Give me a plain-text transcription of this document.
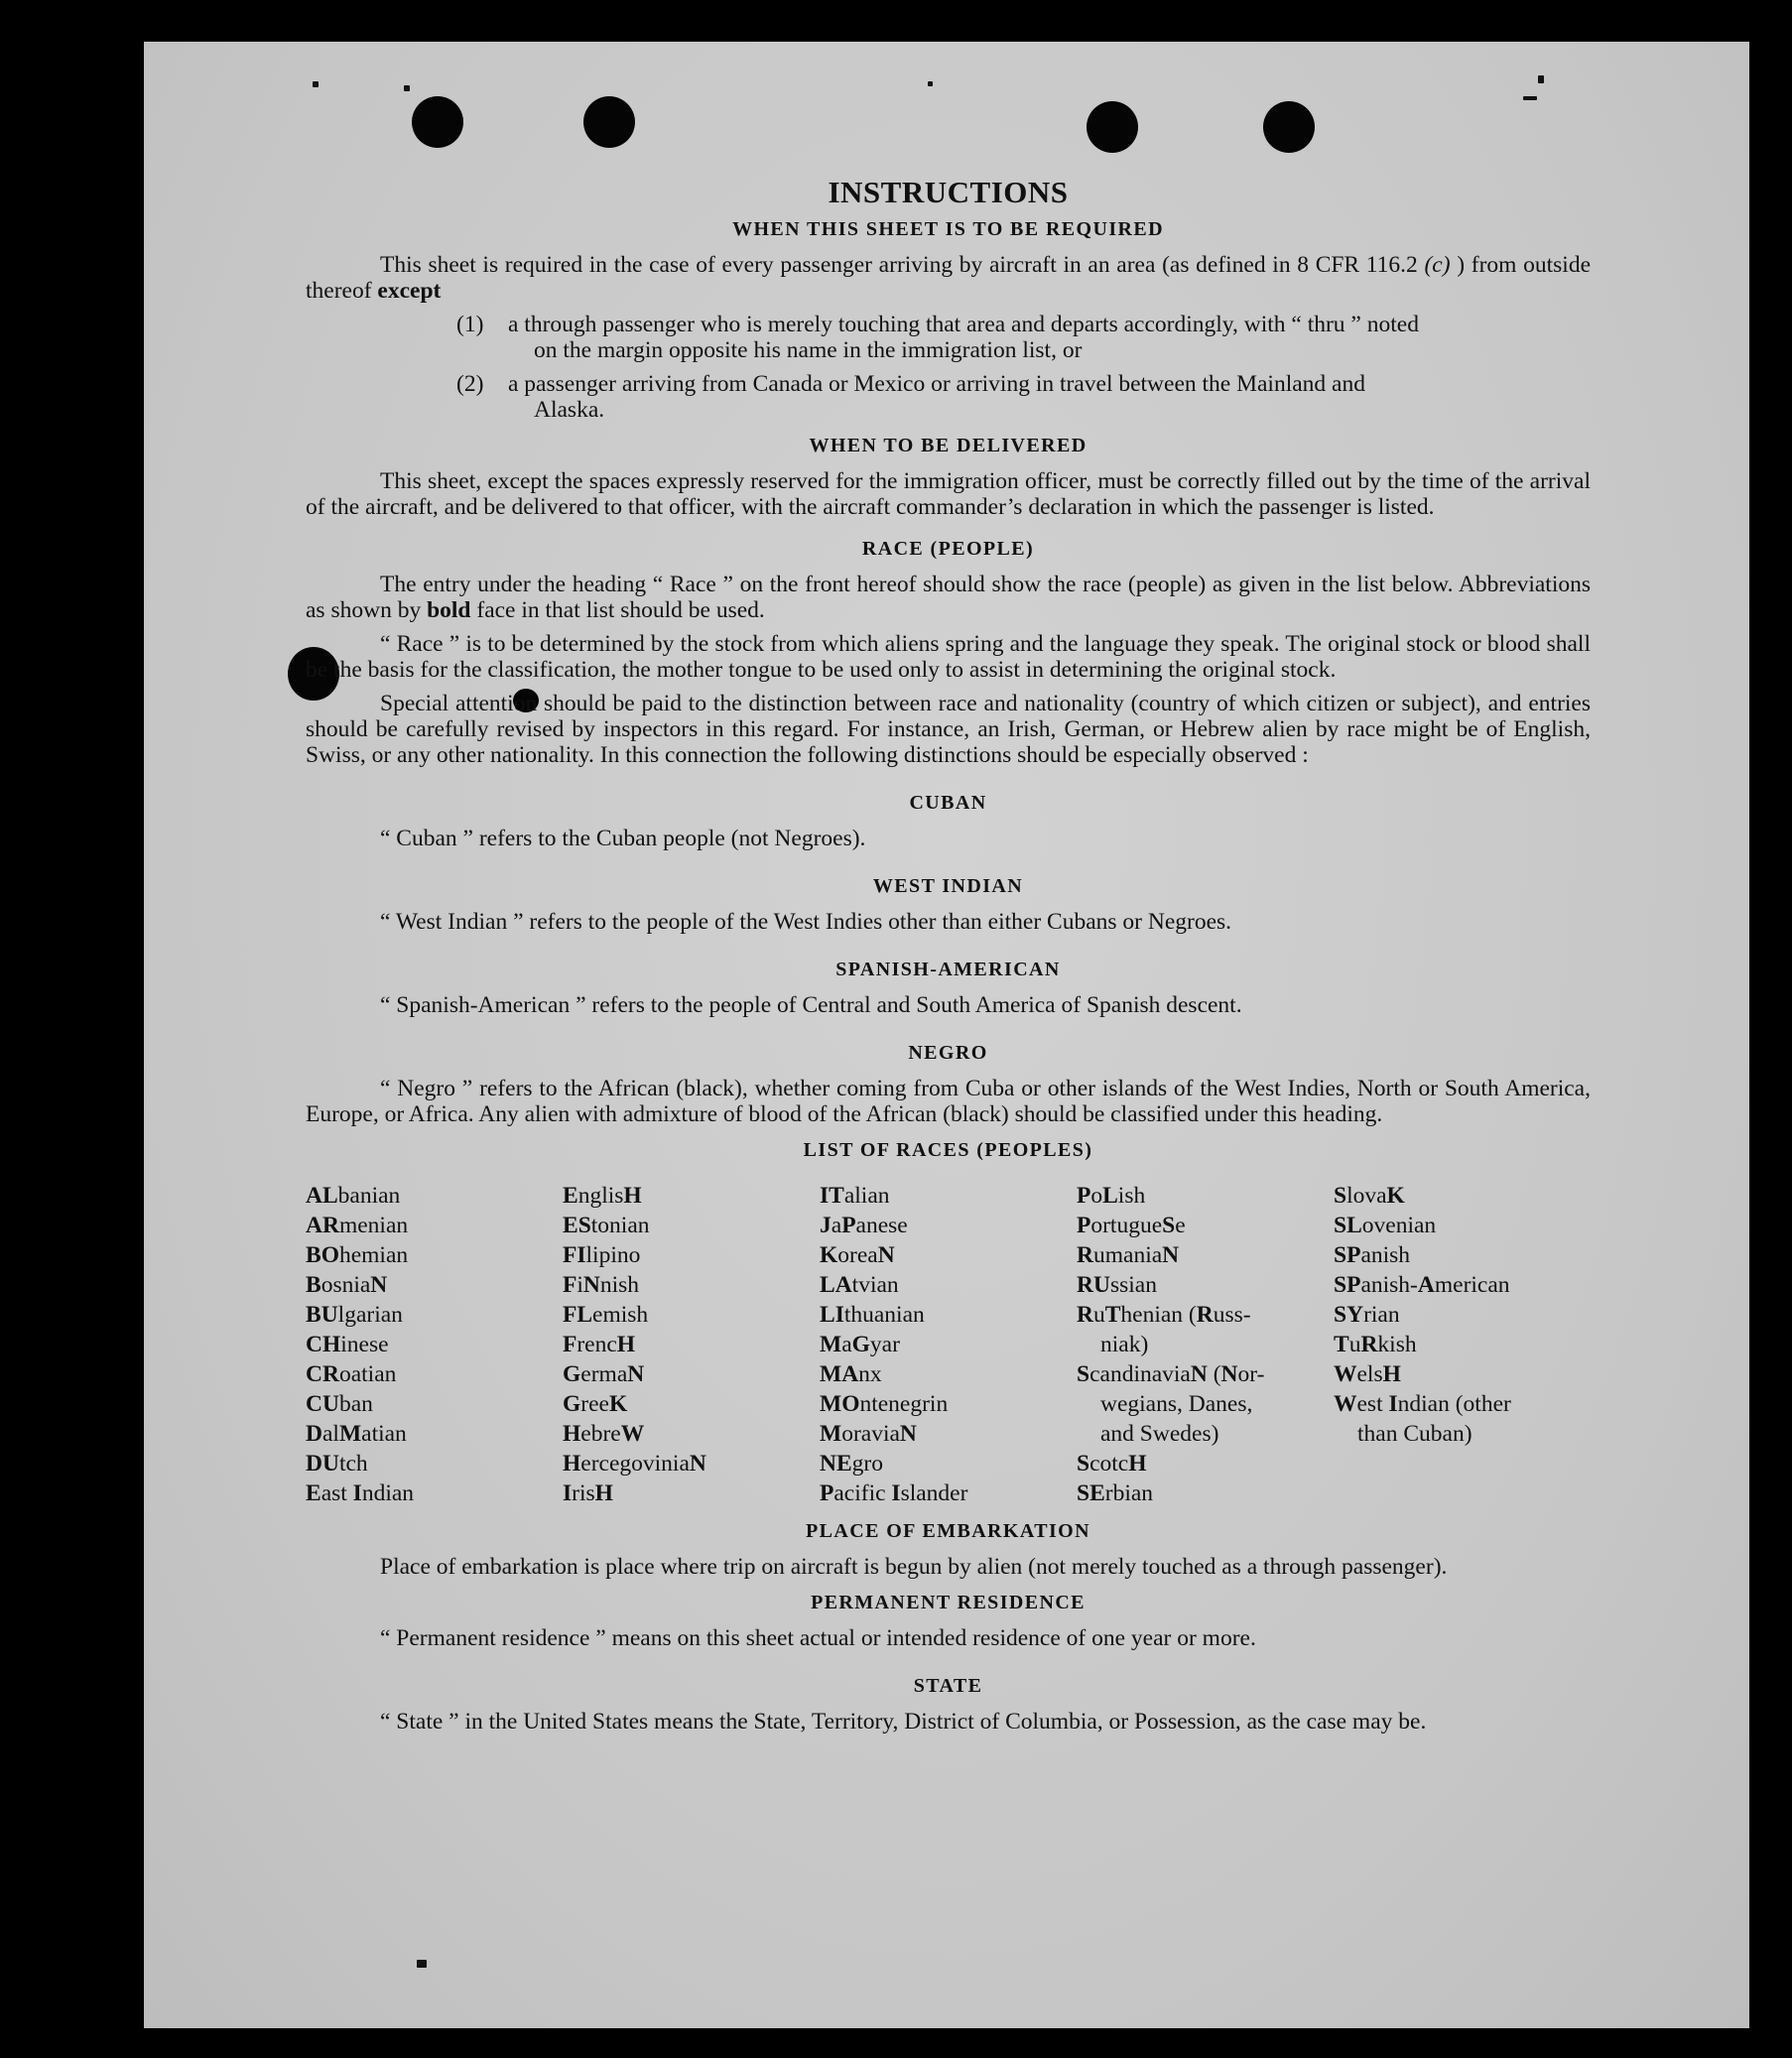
INSTRUCTIONS
WHEN THIS SHEET IS TO BE REQUIRED

This sheet is required in the case of every passenger arriving by aircraft in an area (as defined in 8 CFR 116.2 (c) ) from outside thereof except

(1)	a through passenger who is merely touching that area and departs accordingly, with “ thru ” noted
on the margin opposite his name in the immigration list, or
(2)	a passenger arriving from Canada or Mexico or arriving in travel between the Mainland and
Alaska.
WHEN TO BE DELIVERED

This sheet, except the spaces expressly reserved for the immigration officer, must be correctly filled out by the time of the arrival of the aircraft, and be delivered to that officer, with the aircraft commander’s declaration in which the passenger is listed.

RACE (PEOPLE)

The entry under the heading “ Race ” on the front hereof should show the race (people) as given in the list below. Abbreviations as shown by bold face in that list should be used.

“ Race ” is to be determined by the stock from which aliens spring and the language they speak. The original stock or blood shall be the basis for the classification, the mother tongue to be used only to assist in determining the original stock.

Special attention should be paid to the distinction between race and nationality (country of which citizen or subject), and entries should be carefully revised by inspectors in this regard. For instance, an Irish, German, or Hebrew alien by race might be of English, Swiss, or any other nationality. In this connection the following distinctions should be especially observed :

CUBAN

“ Cuban ” refers to the Cuban people (not Negroes).

WEST INDIAN

“ West Indian ” refers to the people of the West Indies other than either Cubans or Negroes.

SPANISH-AMERICAN

“ Spanish-American ” refers to the people of Central and South America of Spanish descent.

NEGRO

“ Negro ” refers to the African (black), whether coming from Cuba or other islands of the West Indies, North or South America, Europe, or Africa. Any alien with admixture of blood of the African (black) should be classified under this heading.

LIST OF RACES (PEOPLES)
ALbanian
ARmenian
BOhemian
BosniaN
BUlgarian
CHinese
CRoatian
CUban
DalMatian
DUtch
East Indian
EnglisH
EStonian
FIlipino
FiNnish
FLemish
FrencH
GermaN
GreeK
HebreW
HercegoviniaN
IrisH
ITalian
JaPanese
KoreaN
LAtvian
LIthuanian
MaGyar
MAnx
MOntenegrin
MoraviaN
NEgro
Pacific Islander
PoLish
PortugueSe
RumaniaN
RUssian
RuThenian (Russ-
niak)
ScandinaviaN (Nor-
wegians, Danes,
and Swedes)
ScotcH
SErbian
SlovaK
SLovenian
SPanish
SPanish-American
SYrian
TuRkish
WelsH
West Indian (other
than Cuban)
PLACE OF EMBARKATION

Place of embarkation is place where trip on aircraft is begun by alien (not merely touched as a through passenger).

PERMANENT RESIDENCE

“ Permanent residence ” means on this sheet actual or intended residence of one year or more.

STATE

“ State ” in the United States means the State, Territory, District of Columbia, or Possession, as the case may be.
